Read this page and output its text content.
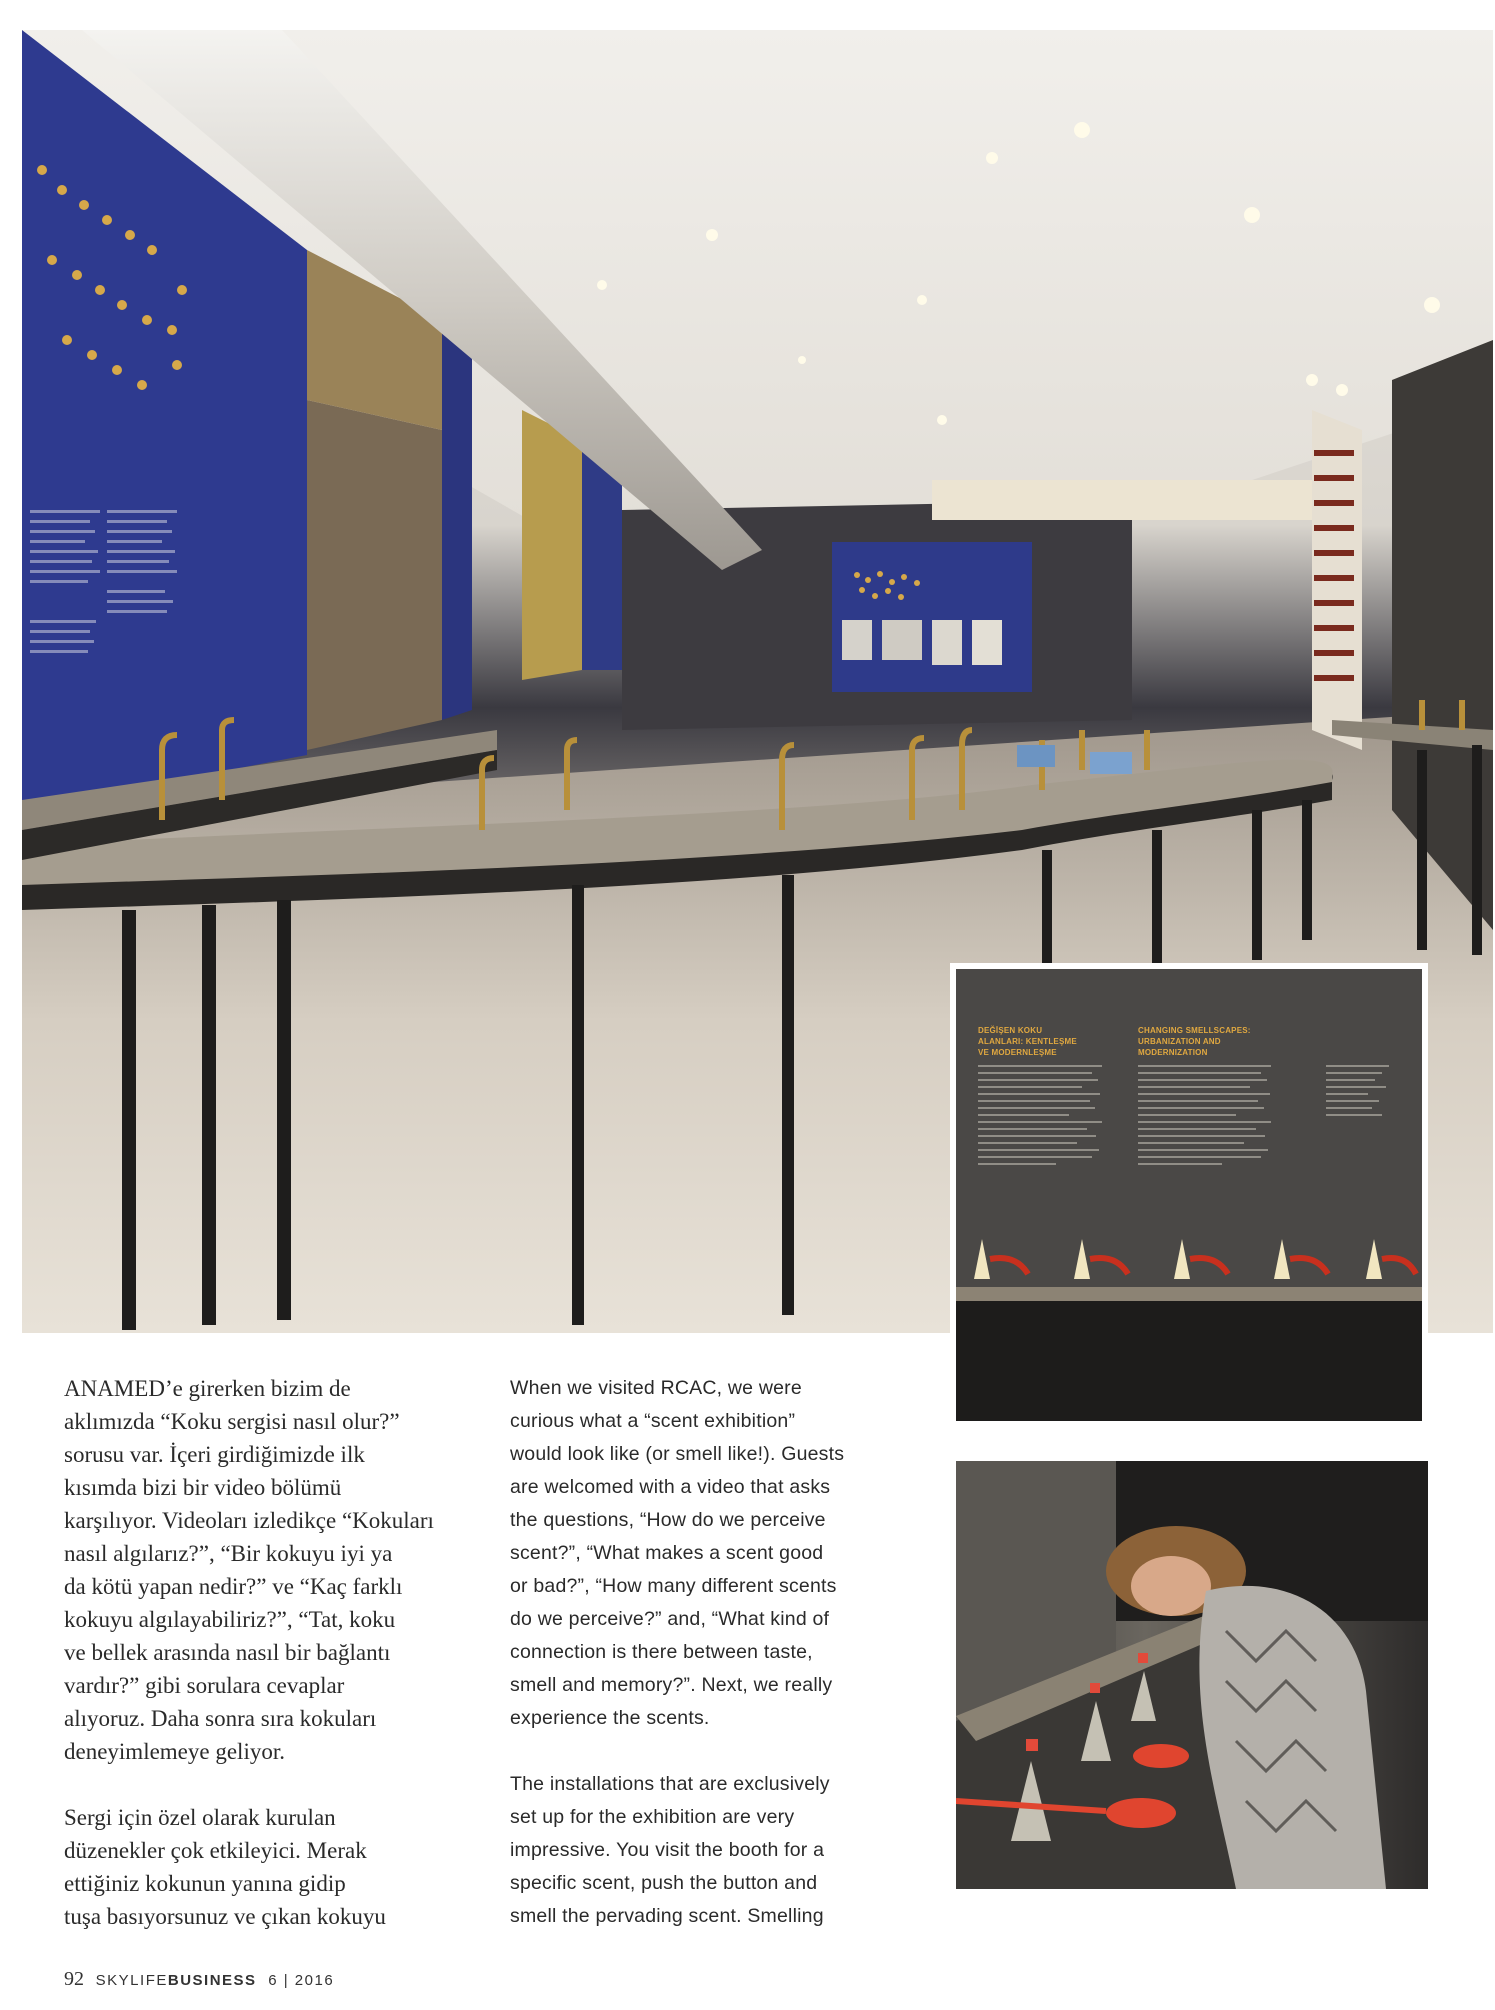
DEĞİŞEN KOKU ALANLARI: KENTLEŞME VE MODERNLEŞME
CHANGING SMELLSCAPES: URBANIZATION AND MODERNIZATION

ANAMED’e girerken bizim de
aklımızda “Koku sergisi nasıl olur?”
sorusu var. İçeri girdiğimizde ilk
kısımda bizi bir video bölümü
karşılıyor. Videoları izledikçe “Kokuları
nasıl algılarız?”, “Bir kokuyu iyi ya
da kötü yapan nedir?” ve “Kaç farklı
kokuyu algılayabiliriz?”, “Tat, koku
ve bellek arasında nasıl bir bağlantı
vardır?” gibi sorulara cevaplar
alıyoruz. Daha sonra sıra kokuları
deneyimlemeye geliyor.

Sergi için özel olarak kurulan
düzenekler çok etkileyici. Merak
ettiğiniz kokunun yanına gidip
tuşa basıyorsunuz ve çıkan kokuyu

When we visited RCAC, we were
curious what a “scent exhibition”
would look like (or smell like!). Guests
are welcomed with a video that asks
the questions, “How do we perceive
scent?”, “What makes a scent good
or bad?”, “How many different scents
do we perceive?” and, “What kind of
connection is there between taste,
smell and memory?”. Next, we really
experience the scents.

The installations that are exclusively
set up for the exhibition are very
impressive. You visit the booth for a
specific scent, push the button and
smell the pervading scent. Smelling

92 SKYLIFEBUSINESS 6 | 2016
